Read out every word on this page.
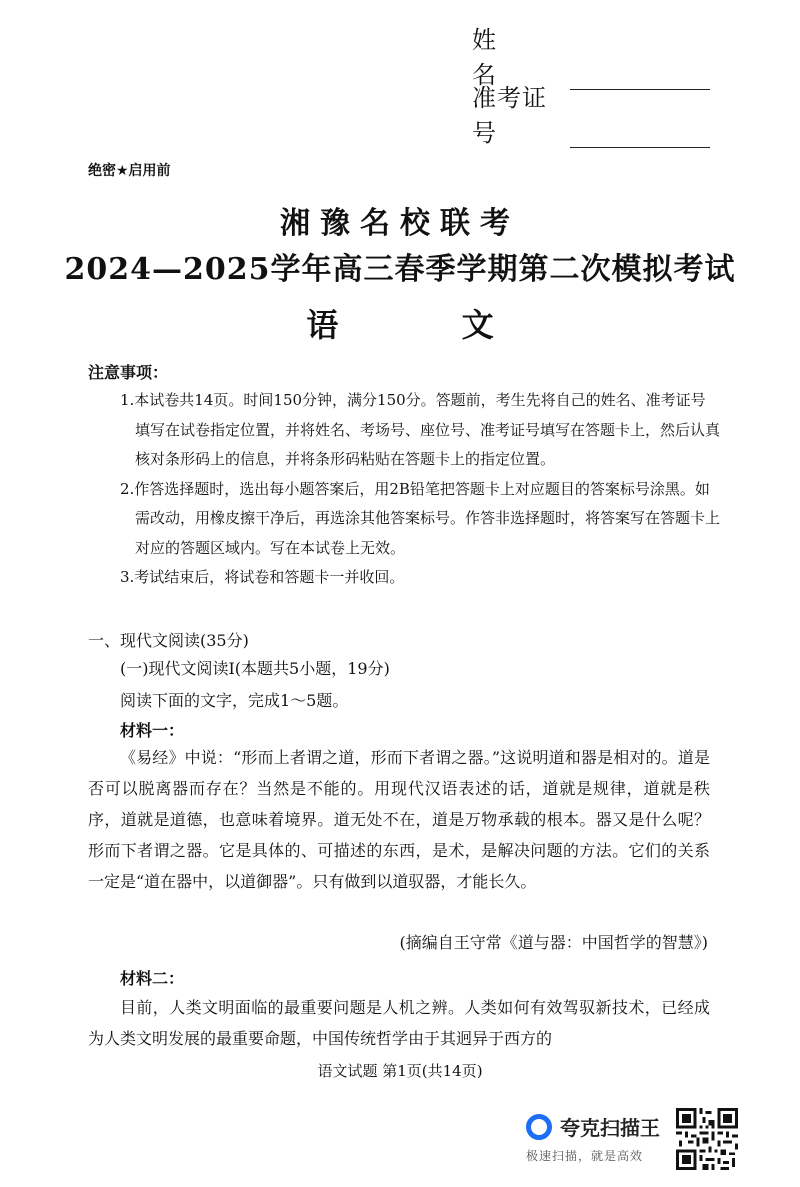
姓 名
准考证号
绝密★启用前
湘豫名校联考
2024—2025学年高三春季学期第二次模拟考试
语 文
注意事项：

1.本试卷共14页。时间150分钟，满分150分。答题前，考生先将自己的姓名、准考证号填写在试卷指定位置，并将姓名、考场号、座位号、准考证号填写在答题卡上，然后认真核对条形码上的信息，并将条形码粘贴在答题卡上的指定位置。

2.作答选择题时，选出每小题答案后，用2B铅笔把答题卡上对应题目的答案标号涂黑。如需改动，用橡皮擦干净后，再选涂其他答案标号。作答非选择题时，将答案写在答题卡上对应的答题区域内。写在本试卷上无效。

3.考试结束后，将试卷和答题卡一并收回。

一、现代文阅读(35分)
(一)现代文阅读Ⅰ(本题共5小题，19分)
阅读下面的文字，完成1～5题。
材料一：

《易经》中说：“形而上者谓之道，形而下者谓之器。”这说明道和器是相对的。道是否可以脱离器而存在？当然是不能的。用现代汉语表述的话，道就是规律，道就是秩序，道就是道德，也意味着境界。道无处不在，道是万物承载的根本。器又是什么呢？形而下者谓之器。它是具体的、可描述的东西，是术，是解决问题的方法。它们的关系一定是“道在器中，以道御器”。只有做到以道驭器，才能长久。

(摘编自王守常《道与器：中国哲学的智慧》)
材料二：

目前，人类文明面临的最重要问题是人机之辨。人类如何有效驾驭新技术，已经成为人类文明发展的最重要命题，中国传统哲学由于其迥异于西方的

语文试题 第1页(共14页)
夸克扫描王
极速扫描，就是高效
